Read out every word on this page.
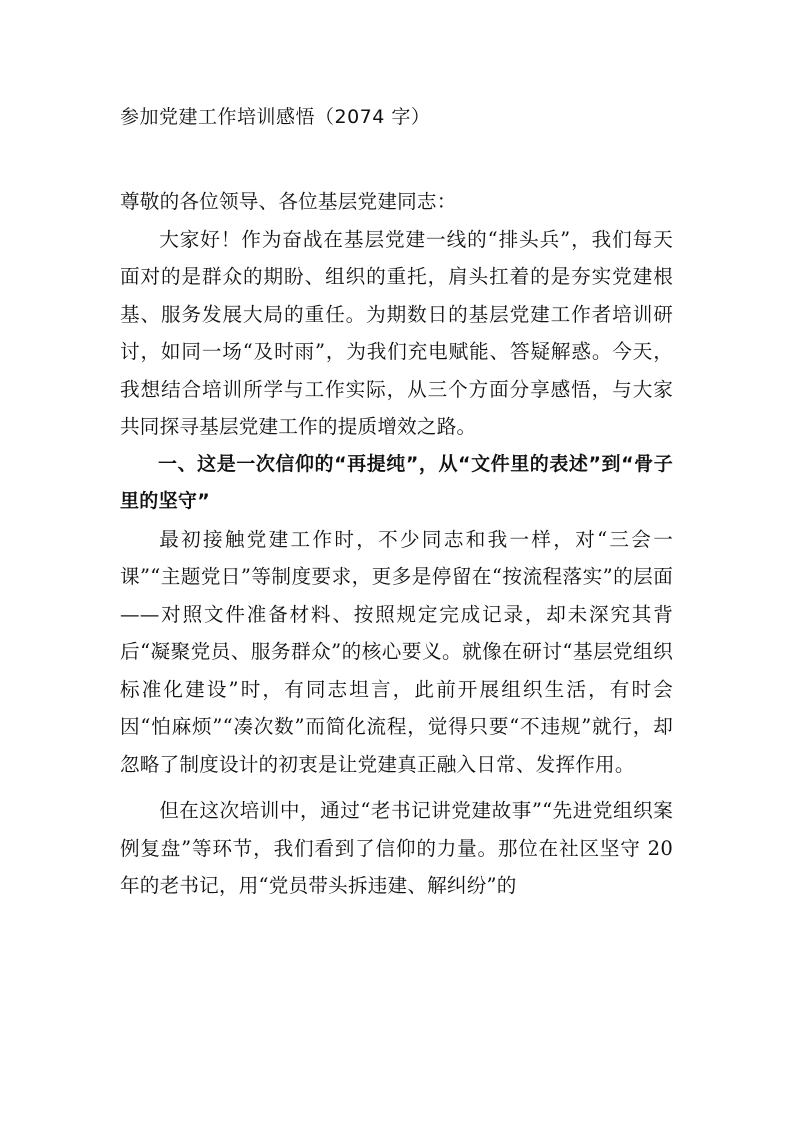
参加党建工作培训感悟（2074 字）

尊敬的各位领导、各位基层党建同志：

大家好！作为奋战在基层党建一线的“排头兵”，我们每天面对的是群众的期盼、组织的重托，肩头扛着的是夯实党建根基、服务发展大局的重任。为期数日的基层党建工作者培训研讨，如同一场“及时雨”，为我们充电赋能、答疑解惑。今天，我想结合培训所学与工作实际，从三个方面分享感悟，与大家共同探寻基层党建工作的提质增效之路。

一、这是一次信仰的“再提纯”，从“文件里的表述”到“骨子里的坚守”

最初接触党建工作时，不少同志和我一样，对“三会一课”“主题党日”等制度要求，更多是停留在“按流程落实”的层面——对照文件准备材料、按照规定完成记录，却未深究其背后“凝聚党员、服务群众”的核心要义。就像在研讨“基层党组织标准化建设”时，有同志坦言，此前开展组织生活，有时会因“怕麻烦”“凑次数”而简化流程，觉得只要“不违规”就行，却忽略了制度设计的初衷是让党建真正融入日常、发挥作用。

但在这次培训中，通过“老书记讲党建故事”“先进党组织案例复盘”等环节，我们看到了信仰的力量。那位在社区坚守 20 年的老书记，用“党员带头拆违建、解纠纷”的
